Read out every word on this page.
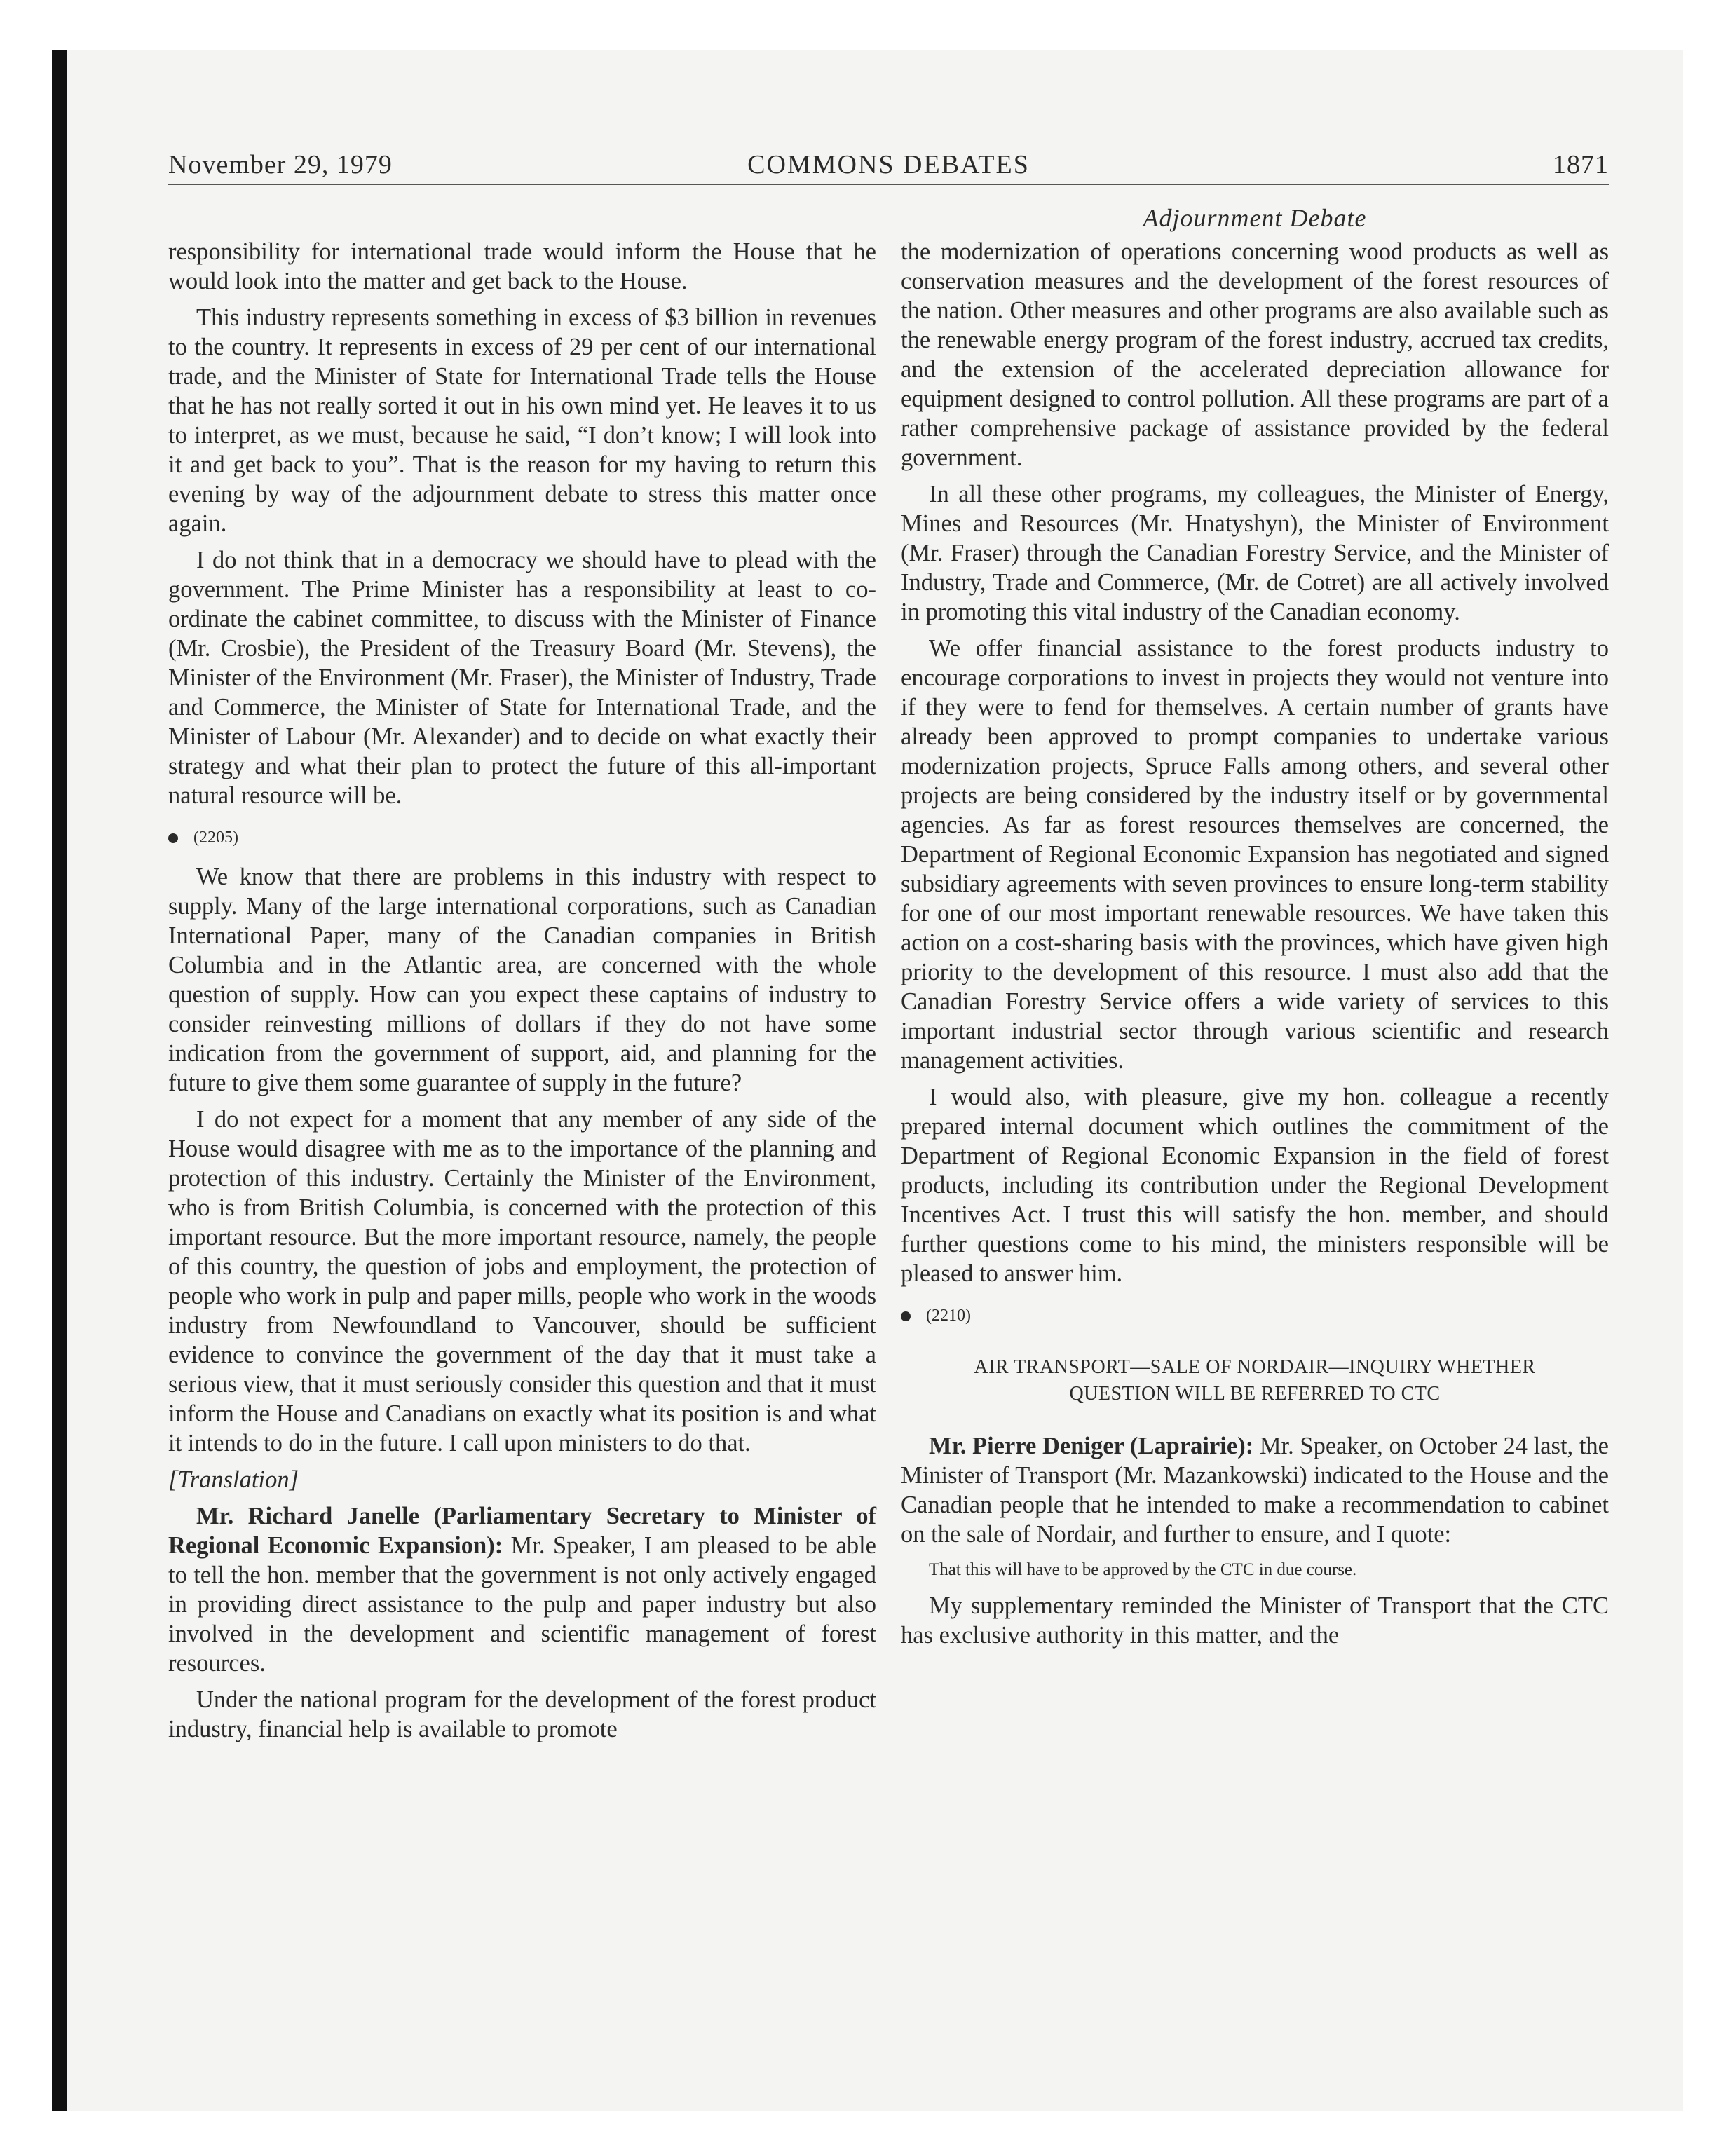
November 29, 1979	COMMONS DEBATES	1871
Adjournment Debate

responsibility for international trade would inform the House that he would look into the matter and get back to the House.

This industry represents something in excess of $3 billion in revenues to the country. It represents in excess of 29 per cent of our international trade, and the Minister of State for International Trade tells the House that he has not really sorted it out in his own mind yet. He leaves it to us to interpret, as we must, because he said, “I don’t know; I will look into it and get back to you”. That is the reason for my having to return this evening by way of the adjournment debate to stress this matter once again.

I do not think that in a democracy we should have to plead with the government. The Prime Minister has a responsibility at least to co-ordinate the cabinet committee, to discuss with the Minister of Finance (Mr. Crosbie), the President of the Treasury Board (Mr. Stevens), the Minister of the Environment (Mr. Fraser), the Minister of Industry, Trade and Commerce, the Minister of State for International Trade, and the Minister of Labour (Mr. Alexander) and to decide on what exactly their strategy and what their plan to protect the future of this all-important natural resource will be.

(2205)

We know that there are problems in this industry with respect to supply. Many of the large international corporations, such as Canadian International Paper, many of the Canadian companies in British Columbia and in the Atlantic area, are concerned with the whole question of supply. How can you expect these captains of industry to consider reinvesting millions of dollars if they do not have some indication from the government of support, aid, and planning for the future to give them some guarantee of supply in the future?

I do not expect for a moment that any member of any side of the House would disagree with me as to the importance of the planning and protection of this industry. Certainly the Minister of the Environment, who is from British Columbia, is concerned with the protection of this important resource. But the more important resource, namely, the people of this country, the question of jobs and employment, the protection of people who work in pulp and paper mills, people who work in the woods industry from Newfoundland to Vancouver, should be sufficient evidence to convince the government of the day that it must take a serious view, that it must seriously consider this question and that it must inform the House and Canadians on exactly what its position is and what it intends to do in the future. I call upon ministers to do that.

[Translation]

Mr. Richard Janelle (Parliamentary Secretary to Minister of Regional Economic Expansion): Mr. Speaker, I am pleased to be able to tell the hon. member that the government is not only actively engaged in providing direct assistance to the pulp and paper industry but also involved in the development and scientific management of forest resources.

Under the national program for the development of the forest product industry, financial help is available to promote

the modernization of operations concerning wood products as well as conservation measures and the development of the forest resources of the nation. Other measures and other programs are also available such as the renewable energy program of the forest industry, accrued tax credits, and the extension of the accelerated depreciation allowance for equipment designed to control pollution. All these programs are part of a rather comprehensive package of assistance provided by the federal government.

In all these other programs, my colleagues, the Minister of Energy, Mines and Resources (Mr. Hnatyshyn), the Minister of Environment (Mr. Fraser) through the Canadian Forestry Service, and the Minister of Industry, Trade and Commerce, (Mr. de Cotret) are all actively involved in promoting this vital industry of the Canadian economy.

We offer financial assistance to the forest products industry to encourage corporations to invest in projects they would not venture into if they were to fend for themselves. A certain number of grants have already been approved to prompt companies to undertake various modernization projects, Spruce Falls among others, and several other projects are being considered by the industry itself or by governmental agencies. As far as forest resources themselves are concerned, the Department of Regional Economic Expansion has negotiated and signed subsidiary agreements with seven provinces to ensure long-term stability for one of our most important renewable resources. We have taken this action on a cost-sharing basis with the provinces, which have given high priority to the development of this resource. I must also add that the Canadian Forestry Service offers a wide variety of services to this important industrial sector through various scientific and research management activities.

I would also, with pleasure, give my hon. colleague a recently prepared internal document which outlines the commitment of the Department of Regional Economic Expansion in the field of forest products, including its contribution under the Regional Development Incentives Act. I trust this will satisfy the hon. member, and should further questions come to his mind, the ministers responsible will be pleased to answer him.

(2210)
AIR TRANSPORT—SALE OF NORDAIR—INQUIRY WHETHER
QUESTION WILL BE REFERRED TO CTC

Mr. Pierre Deniger (Laprairie): Mr. Speaker, on October 24 last, the Minister of Transport (Mr. Mazankowski) indicated to the House and the Canadian people that he intended to make a recommendation to cabinet on the sale of Nordair, and further to ensure, and I quote:

That this will have to be approved by the CTC in due course.

My supplementary reminded the Minister of Transport that the CTC has exclusive authority in this matter, and the
